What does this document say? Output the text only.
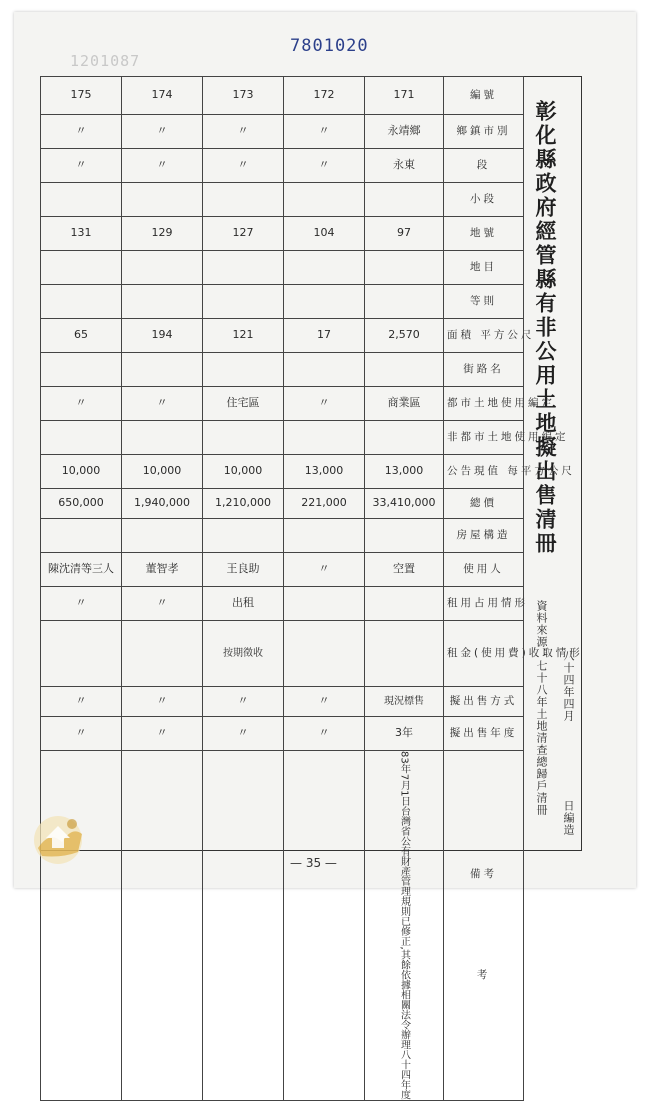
1201087
7801020
175	174	173	172	171	編號
〃	〃	〃	〃	永靖鄉	鄉鎮市別
〃	〃	〃	〃	永東	段
					小段
131	129	127	104	97	地號
					地目
					等則
65	194	121	17	2,570	面積 平方公尺
					街路名
〃	〃	住宅區	〃	商業區	都市土地使用編定
					非都市土地使用編定
10,000	10,000	10,000	13,000	13,000	公告現值 每平方公尺
650,000	1,940,000	1,210,000	221,000	33,410,000	總價
					房屋構造
陳沈清等三人	董智孝	王良助	〃	空置	使用人
〃	〃	出租			租用占用情形
		按期徵收			租金(使用費)收取情形
〃	〃	〃	〃	現況標售	擬出售方式
〃	〃	〃	〃	3年	擬出售年度
				83年7月1日台灣省公有財產管理規則已修正,其餘依據相關法令辦理八十四年度	備考
考
彰化縣政府經管縣有非公用土地擬出售清冊
資料來源：七十八年土地清查總歸戶清冊 八十四年四月
日編造
— 35 —
